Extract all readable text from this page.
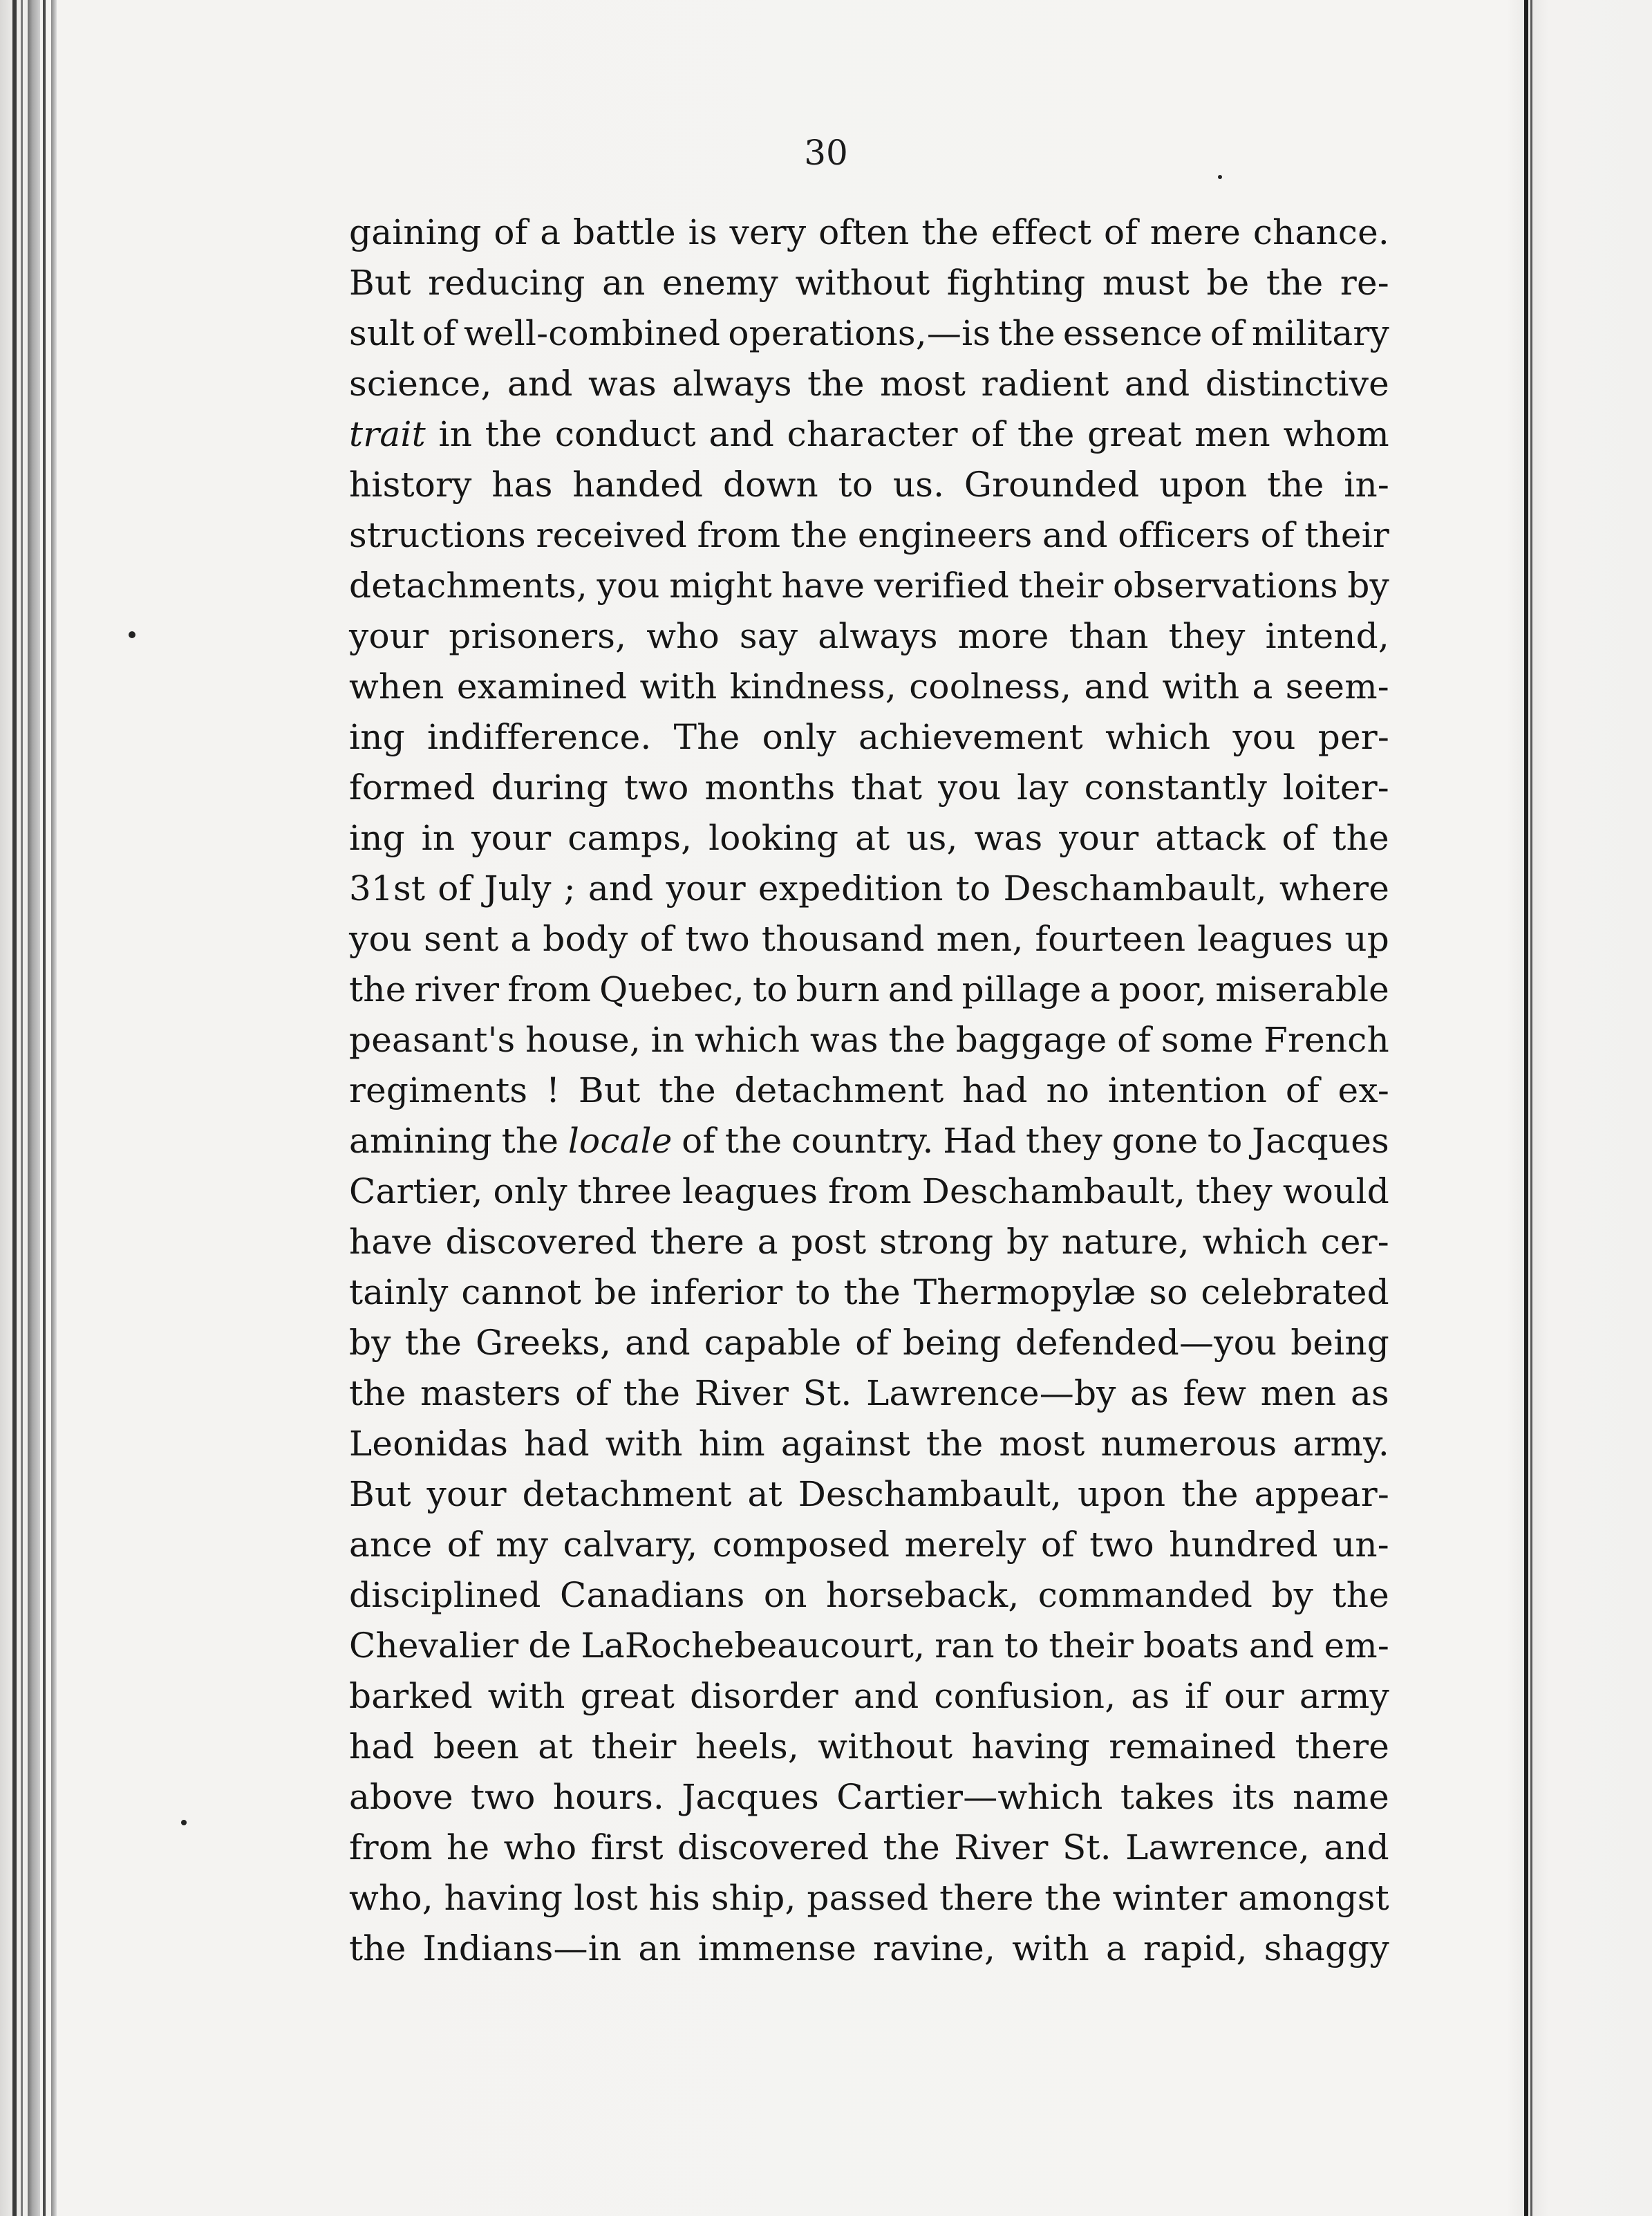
30
gaining of a battle is very often the effect of mere chance.
But reducing an enemy without fighting must be the re-
sult of well-combined operations,—is the essence of military
science, and was always the most radient and distinctive
trait in the conduct and character of the great men whom
history has handed down to us. Grounded upon the in-
structions received from the engineers and officers of their
detachments, you might have verified their observations by
your prisoners, who say always more than they intend,
when examined with kindness, coolness, and with a seem-
ing indifference. The only achievement which you per-
formed during two months that you lay constantly loiter-
ing in your camps, looking at us, was your attack of the
31st of July ; and your expedition to Deschambault, where
you sent a body of two thousand men, fourteen leagues up
the river from Quebec, to burn and pillage a poor, miserable
peasant's house, in which was the baggage of some French
regiments ! But the detachment had no intention of ex-
amining the locale of the country. Had they gone to Jacques
Cartier, only three leagues from Deschambault, they would
have discovered there a post strong by nature, which cer-
tainly cannot be inferior to the Thermopylæ so celebrated
by the Greeks, and capable of being defended—you being
the masters of the River St. Lawrence—by as few men as
Leonidas had with him against the most numerous army.
But your detachment at Deschambault, upon the appear-
ance of my calvary, composed merely of two hundred un-
disciplined Canadians on horseback, commanded by the
Chevalier de LaRochebeaucourt, ran to their boats and em-
barked with great disorder and confusion, as if our army
had been at their heels, without having remained there
above two hours. Jacques Cartier—which takes its name
from he who first discovered the River St. Lawrence, and
who, having lost his ship, passed there the winter amongst
the Indians—in an immense ravine, with a rapid, shaggy
